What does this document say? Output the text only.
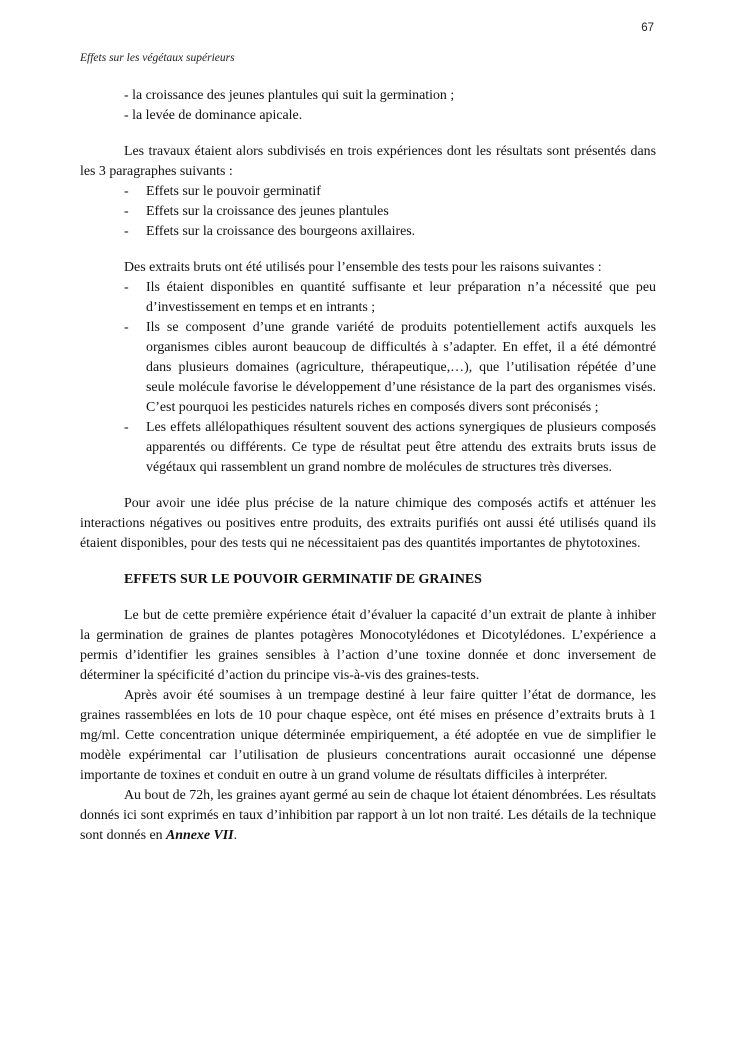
67
Effets sur les végétaux supérieurs

- la croissance des jeunes plantules qui suit la germination ;

- la levée de dominance apicale.

Les travaux étaient alors subdivisés en trois expériences dont les résultats sont présentés dans les 3 paragraphes suivants :

-	Effets sur le pouvoir germinatif
-	Effets sur la croissance des jeunes plantules
-	Effets sur la croissance des bourgeons axillaires.

Des extraits bruts ont été utilisés pour l’ensemble des tests pour les raisons suivantes :

-	Ils étaient disponibles en quantité suffisante et leur préparation n’a nécessité que peu d’investissement en temps et en intrants ;
-	Ils se composent d’une grande variété de produits potentiellement actifs auxquels les organismes cibles auront beaucoup de difficultés à s’adapter. En effet, il a été démontré dans plusieurs domaines (agriculture, thérapeutique,…), que l’utilisation répétée d’une seule molécule favorise le développement d’une résistance de la part des organismes visés. C’est pourquoi les pesticides naturels riches en composés divers sont préconisés ;
-	Les effets allélopathiques résultent souvent des actions synergiques de plusieurs composés apparentés ou différents. Ce type de résultat peut être attendu des extraits bruts issus de végétaux qui rassemblent un grand nombre de molécules de structures très diverses.

Pour avoir une idée plus précise de la nature chimique des composés actifs et atténuer les interactions négatives ou positives entre produits, des extraits purifiés ont aussi été utilisés quand ils étaient disponibles, pour des tests qui ne nécessitaient pas des quantités importantes de phytotoxines.

EFFETS SUR LE POUVOIR GERMINATIF DE GRAINES

Le but de cette première expérience était d’évaluer la capacité d’un extrait de plante à inhiber la germination de graines de plantes potagères Monocotylédones et Dicotylédones. L’expérience a permis d’identifier les graines sensibles à l’action d’une toxine donnée et donc inversement de déterminer la spécificité d’action du principe vis-à-vis des graines-tests.

Après avoir été soumises à un trempage destiné à leur faire quitter l’état de dormance, les graines rassemblées en lots de 10 pour chaque espèce, ont été mises en présence d’extraits bruts à 1 mg/ml. Cette concentration unique déterminée empiriquement, a été adoptée en vue de simplifier le modèle expérimental car l’utilisation de plusieurs concentrations aurait occasionné une dépense importante de toxines et conduit en outre à un grand volume de résultats difficiles à interpréter.

Au bout de 72h, les graines ayant germé au sein de chaque lot étaient dénombrées. Les résultats donnés ici sont exprimés en taux d’inhibition par rapport à un lot non traité. Les détails de la technique sont donnés en Annexe VII.
